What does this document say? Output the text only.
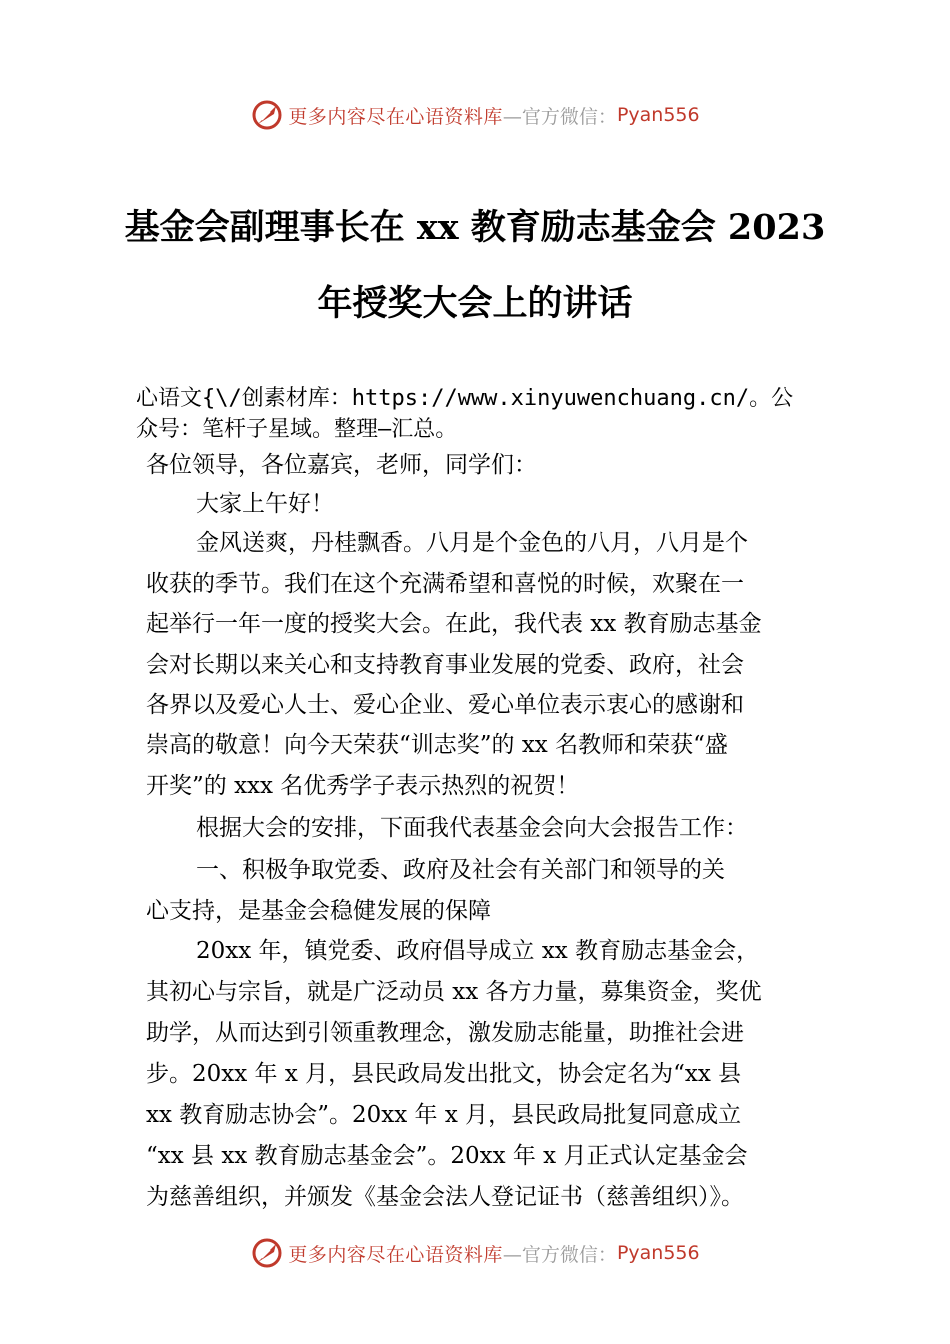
更多内容尽在心语资料库 —官方微信： Pyan556
基金会副理事长在 xx 教育励志基金会 2023
年授奖大会上的讲话
心语文{\/创素材库：https://www.xinyuwenchuang.cn/。公
众号：笔杆子星域。整理—汇总。
各位领导，各位嘉宾，老师，同学们：
大家上午好！
金风送爽，丹桂飘香。八月是个金色的八月，八月是个
收获的季节。我们在这个充满希望和喜悦的时候，欢聚在一
起举行一年一度的授奖大会。在此，我代表 xx 教育励志基金
会对长期以来关心和支持教育事业发展的党委、政府，社会
各界以及爱心人士、爱心企业、爱心单位表示衷心的感谢和
崇高的敬意！向今天荣获“训志奖”的 xx 名教师和荣获“盛
开奖”的 xxx 名优秀学子表示热烈的祝贺！
根据大会的安排，下面我代表基金会向大会报告工作：
一、积极争取党委、政府及社会有关部门和领导的关
心支持，是基金会稳健发展的保障
20xx 年，镇党委、政府倡导成立 xx 教育励志基金会，
其初心与宗旨，就是广泛动员 xx 各方力量，募集资金，奖优
助学，从而达到引领重教理念，激发励志能量，助推社会进
步。20xx 年 x 月，县民政局发出批文，协会定名为“xx 县
xx 教育励志协会”。20xx 年 x 月，县民政局批复同意成立
“xx 县 xx 教育励志基金会”。20xx 年 x 月正式认定基金会
为慈善组织，并颁发《基金会法人登记证书（慈善组织）》。
更多内容尽在心语资料库 —官方微信： Pyan556
